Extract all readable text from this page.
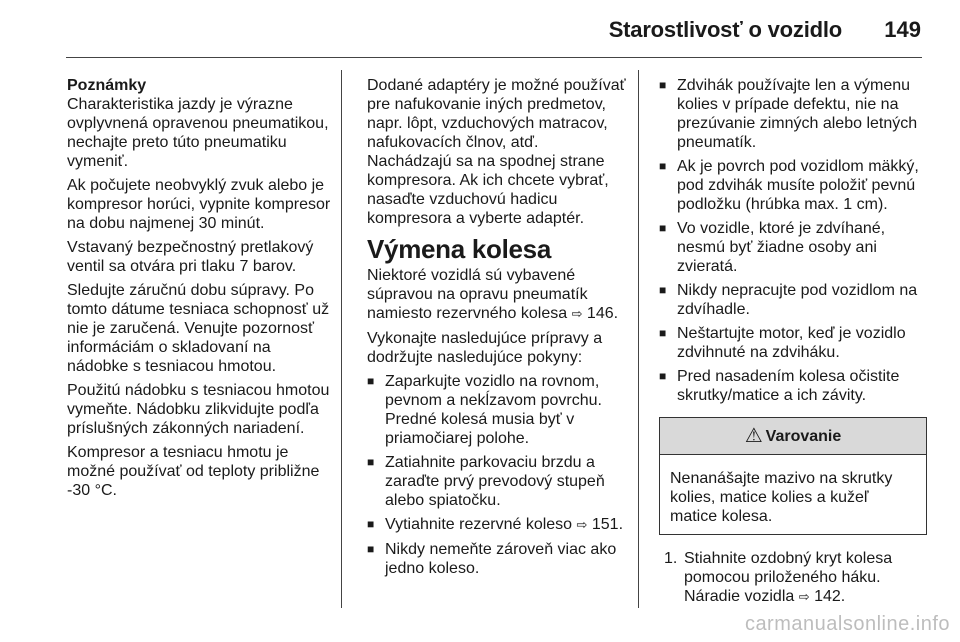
Starostlivosť o vozidlo 149
Poznámky

Charakteristika jazdy je výrazne ovplyvnená opravenou pneumatikou, nechajte preto túto pneumatiku vymeniť.

Ak počujete neobvyklý zvuk alebo je kompresor horúci, vypnite kompresor na dobu najmenej 30 minút.

Vstavaný bezpečnostný pretlakový ventil sa otvára pri tlaku 7 barov.

Sledujte záručnú dobu súpravy. Po tomto dátume tesniaca schopnosť už nie je zaručená. Venujte pozornosť informáciám o skladovaní na nádobke s tesniacou hmotou.

Použitú nádobku s tesniacou hmotou vymeňte. Nádobku zlikvidujte podľa príslušných zákonných nariadení.

Kompresor a tesniacu hmotu je možné používať od teploty približne -30 °C.

Dodané adaptéry je možné používať pre nafukovanie iných predmetov, napr. lôpt, vzduchových matracov, nafukovacích člnov, atď.

Nachádzajú sa na spodnej strane kompresora. Ak ich chcete vybrať, nasaďte vzduchovú hadicu kompresora a vyberte adaptér.

Výmena kolesa

Niektoré vozidlá sú vybavené súpravou na opravu pneumatík namiesto rezervného kolesa ⇨ 146.

Vykonajte nasledujúce prípravy a dodržujte nasledujúce pokyny:

■ Zaparkujte vozidlo na rovnom, pevnom a nekĺzavom povrchu. Predné kolesá musia byť v priamočiarej polohe.
■ Zatiahnite parkovaciu brzdu a zaraďte prvý prevodový stupeň alebo spiatočku.
■ Vytiahnite rezervné koleso ⇨ 151.
■ Nikdy nemeňte zároveň viac ako jedno koleso.
■ Zdvihák používajte len a výmenu kolies v prípade defektu, nie na prezúvanie zimných alebo letných pneumatík.
■ Ak je povrch pod vozidlom mäkký, pod zdvihák musíte položiť pevnú podložku (hrúbka max. 1 cm).
■ Vo vozidle, ktoré je zdvíhané, nesmú byť žiadne osoby ani zvieratá.
■ Nikdy nepracujte pod vozidlom na zdvíhadle.
■ Neštartujte motor, keď je vozidlo zdvihnuté na zdviháku.
■ Pred nasadením kolesa očistite skrutky/matice a ich závity.
⚠ Varovanie
Nenanášajte mazivo na skrutky kolies, matice kolies a kužeľ matice kolesa.
1. Stiahnite ozdobný kryt kolesa pomocou priloženého háku. Náradie vozidla ⇨ 142.
carmanualsonline.info
